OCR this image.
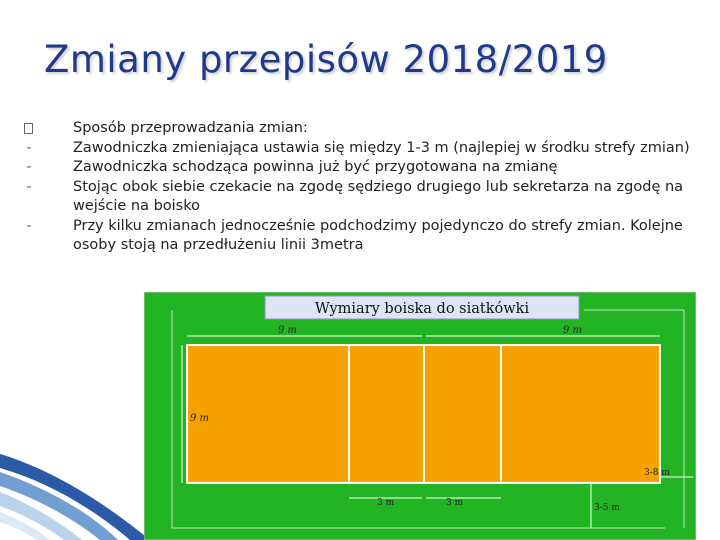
Zmiany przepisów 2018/2019
Sposób przeprowadzania zmian:
-	Zawodniczka zmieniająca ustawia się między 1-3 m (najlepiej w środku strefy zmian)
-	Zawodniczka schodząca powinna już być przygotowana na zmianę
-	Stojąc obok siebie czekacie na zgodę sędziego drugiego lub sekretarza na zgodę na wejście na boisko
-	Przy kilku zmianach jednocześnie podchodzimy pojedynczo do strefy zmian. Kolejne osoby stoją na przedłużeniu linii 3metra
Wymiary boiska do siatkówki
9 m	9 m
9 m
3 m	3 m	3-5 m
3-8 m
